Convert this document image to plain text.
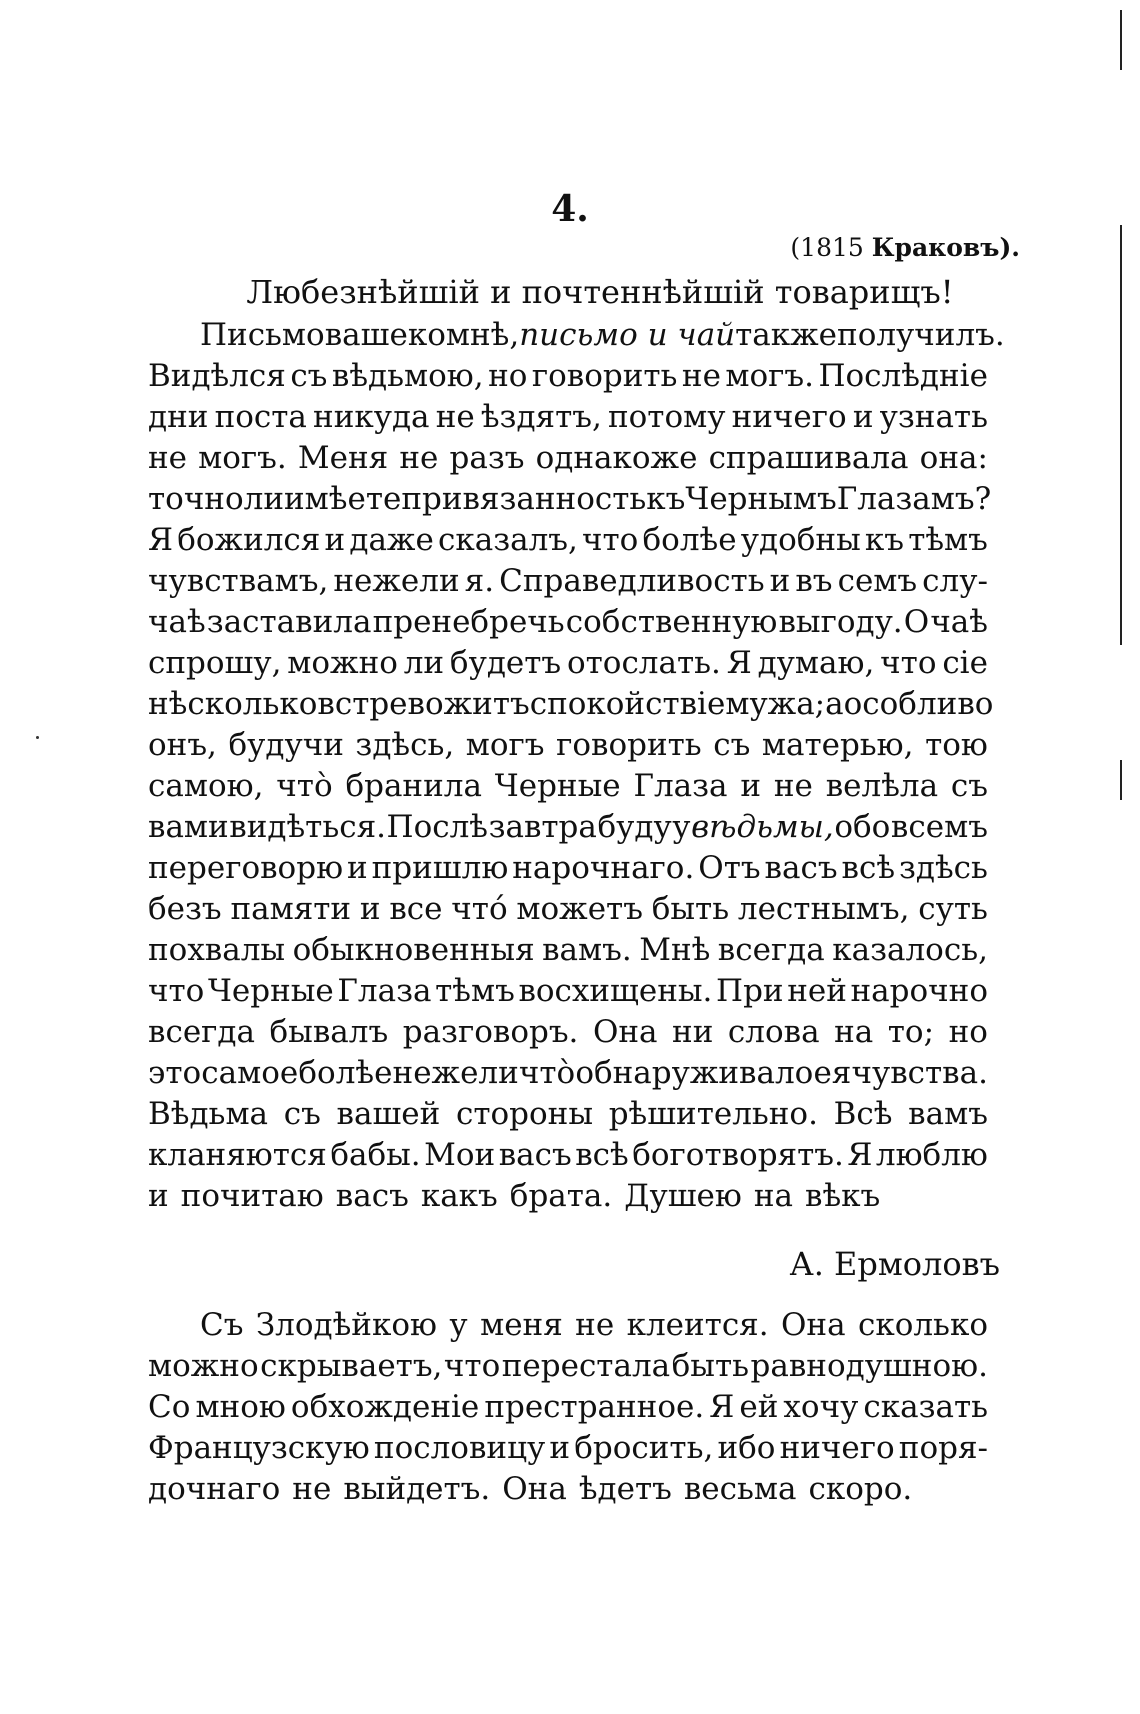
4.
(1815 Краковъ).
Любезнѣйшій и почтеннѣйшій товарищъ!
Письмо ваше ко мнѣ, письмо и чай также получилъ.
Видѣлся съ вѣдьмою, но говорить не могъ. Послѣдніе
дни поста никуда не ѣздятъ, потому ничего и узнать
не могъ. Меня не разъ однакоже спрашивала она:
точно ли имѣете привязанность къ Чернымъ Глазамъ?
Я божился и даже сказалъ, что болѣе удобны къ тѣмъ
чувствамъ, нежели я. Справедливость и въ семъ слу-
чаѣ заставила пренебречь собственную выгоду. О чаѣ
спрошу, можно ли будетъ отослать. Я думаю, что сіе
нѣсколько встревожитъ спокойствіе мужа; а особливо
онъ, будучи здѣсь, могъ говорить съ матерью, тою
самою, чтò бранила Черные Глаза и не велѣла съ
вами видѣться. Послѣ завтра буду у вѣдьмы, обо всемъ
переговорю и пришлю нарочнаго. Отъ васъ всѣ здѣсь
безъ памяти и все чтó можетъ быть лестнымъ, суть
похвалы обыкновенныя вамъ. Мнѣ всегда казалось,
что Черные Глаза тѣмъ восхищены. При ней нарочно
всегда бывалъ разговоръ. Она ни слова на то; но
это самое болѣе нежели чтò обнаруживало ея чувства.
Вѣдьма съ вашей стороны рѣшительно. Всѣ вамъ
кланяются бабы. Мои васъ всѣ боготворятъ. Я люблю
и почитаю васъ какъ брата. Душею на вѣкъ
А. Ермоловъ
Съ Злодѣйкою у меня не клеится. Она сколько
можно скрываетъ, что перестала быть равнодушною.
Со мною обхожденіе престранное. Я ей хочу сказать
Французскую пословицу и бросить, ибо ничего поря-
дочнаго не выйдетъ. Она ѣдетъ весьма скоро.
